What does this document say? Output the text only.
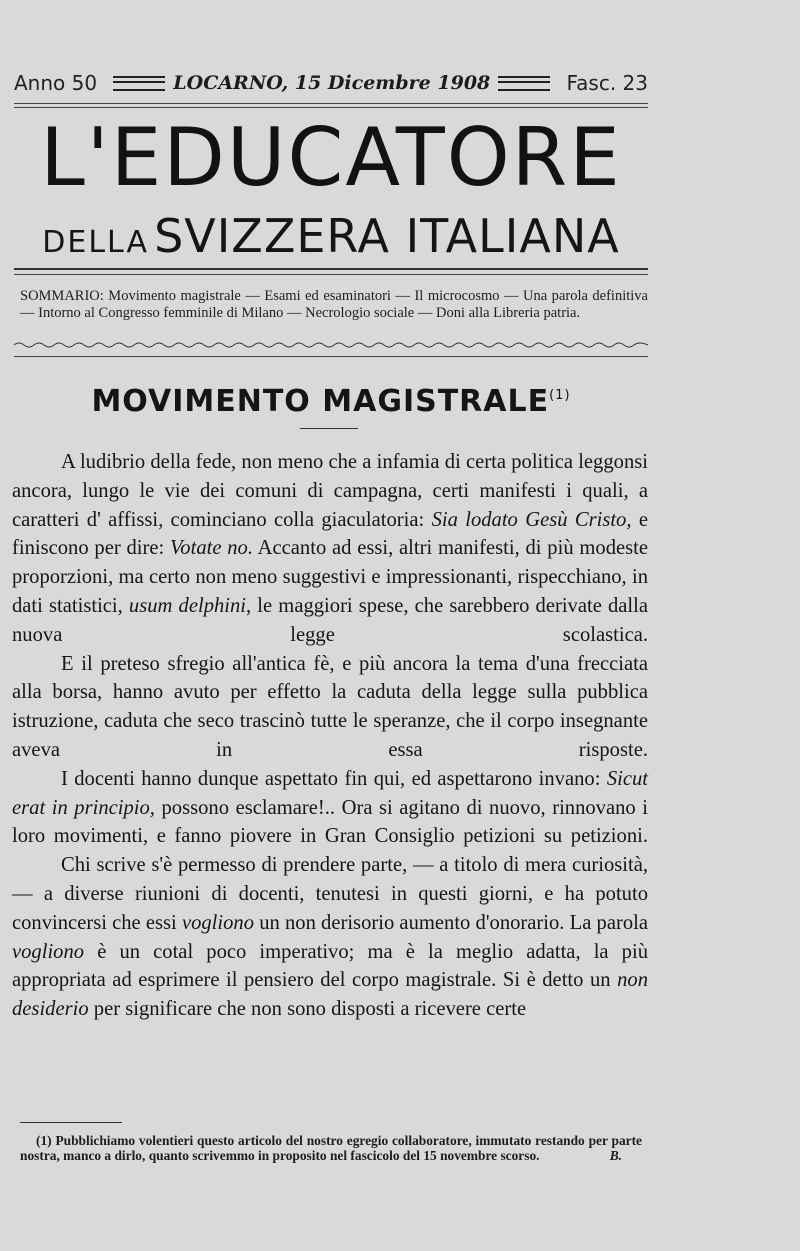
Anno 50	LOCARNO, 15 Dicembre 1908	Fasc. 23
L'EDUCATORE
DELLA SVIZZERA ITALIANA
SOMMARIO: Movimento magistrale — Esami ed esaminatori — Il microcosmo — Una parola definitiva — Intorno al Congresso femminile di Milano — Necrologio sociale — Doni alla Libreria patria.
MOVIMENTO MAGISTRALE$^{(1)}$

A ludibrio della fede, non meno che a infamia di certa politica leggonsi ancora, lungo le vie dei comuni di campagna, certi manifesti i quali, a caratteri d' affissi, cominciano colla giaculatoria: Sia lodato Gesù Cristo, e finiscono per dire: Votate no. Accanto ad essi, altri manifesti, di più modeste proporzioni, ma certo non meno suggestivi e impressionanti, rispecchiano, in dati statistici, usum delphini, le maggiori spese, che sarebbero derivate dalla nuova legge scolastica.

E il preteso sfregio all'antica fè, e più ancora la tema d'una frecciata alla borsa, hanno avuto per effetto la caduta della legge sulla pubblica istruzione, caduta che seco trascinò tutte le speranze, che il corpo insegnante aveva in essa risposte.

I docenti hanno dunque aspettato fin qui, ed aspettarono invano: Sicut erat in principio, possono esclamare!.. Ora si agitano di nuovo, rinnovano i loro movimenti, e fanno piovere in Gran Consiglio petizioni su petizioni.

Chi scrive s'è permesso di prendere parte, — a titolo di mera curiosità, — a diverse riunioni di docenti, tenutesi in questi giorni, e ha potuto convincersi che essi vogliono un non derisorio aumento d'onorario. La parola vogliono è un cotal poco imperativo; ma è la meglio adatta, la più appropriata ad esprimere il pensiero del corpo magistrale. Si è detto un non desiderio per significare che non sono disposti a ricevere certe

(1) Pubblichiamo volentieri questo articolo del nostro egregio collaboratore, immutato restando per parte nostra, manco a dirlo, quanto scrivemmo in proposito nel fascicolo del 15 novembre scorso.	B.
